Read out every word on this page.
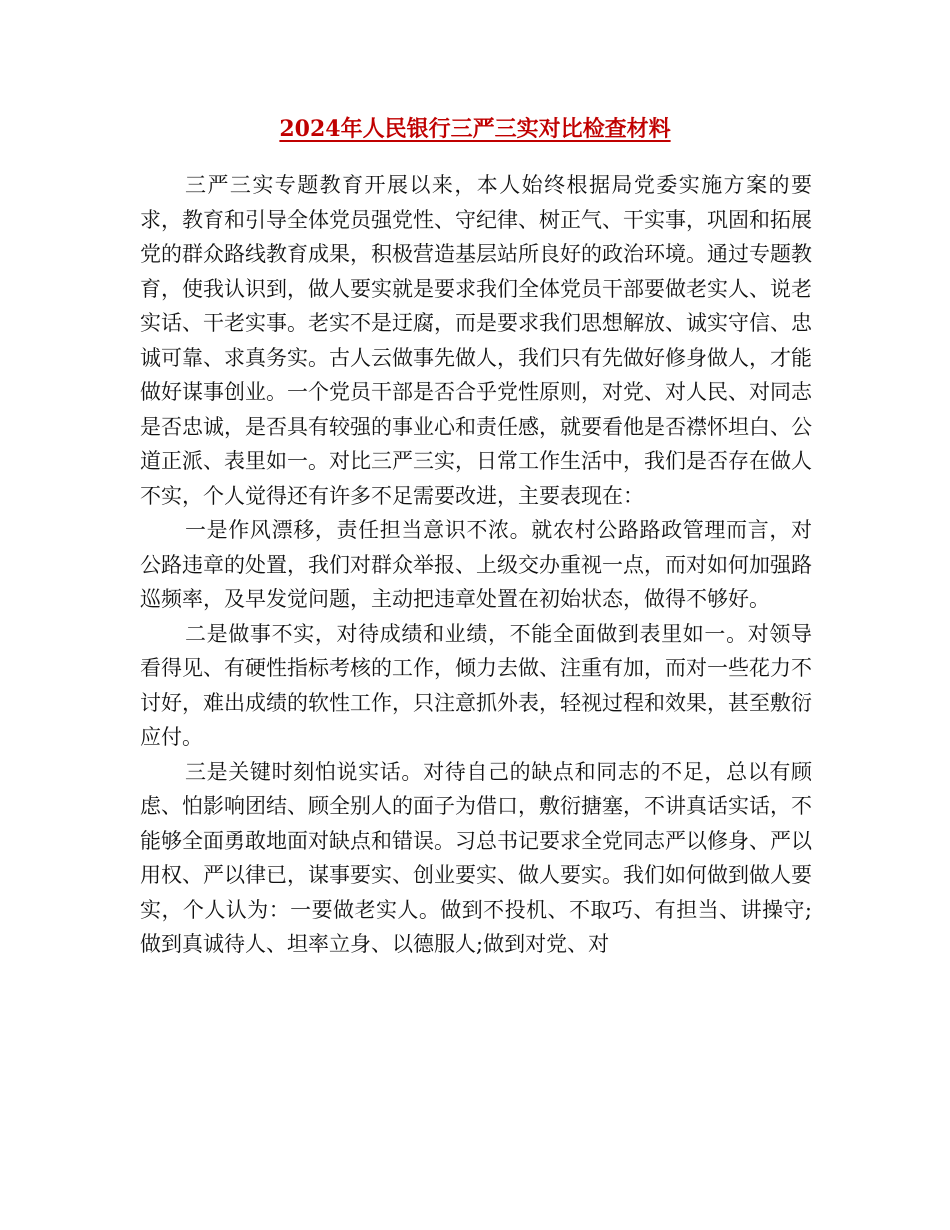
2024年人民银行三严三实对比检查材料

三严三实专题教育开展以来，本人始终根据局党委实施方案的要求，教育和引导全体党员强党性、守纪律、树正气、干实事，巩固和拓展党的群众路线教育成果，积极营造基层站所良好的政治环境。通过专题教育，使我认识到，做人要实就是要求我们全体党员干部要做老实人、说老实话、干老实事。老实不是迂腐，而是要求我们思想解放、诚实守信、忠诚可靠、求真务实。古人云做事先做人，我们只有先做好修身做人，才能做好谋事创业。一个党员干部是否合乎党性原则，对党、对人民、对同志是否忠诚，是否具有较强的事业心和责任感，就要看他是否襟怀坦白、公道正派、表里如一。对比三严三实，日常工作生活中，我们是否存在做人不实，个人觉得还有许多不足需要改进，主要表现在：

一是作风漂移，责任担当意识不浓。就农村公路路政管理而言，对公路违章的处置，我们对群众举报、上级交办重视一点，而对如何加强路巡频率，及早发觉问题，主动把违章处置在初始状态，做得不够好。

二是做事不实，对待成绩和业绩，不能全面做到表里如一。对领导看得见、有硬性指标考核的工作，倾力去做、注重有加，而对一些花力不讨好，难出成绩的软性工作，只注意抓外表，轻视过程和效果，甚至敷衍应付。

三是关键时刻怕说实话。对待自己的缺点和同志的不足，总以有顾虑、怕影响团结、顾全别人的面子为借口，敷衍搪塞，不讲真话实话，不能够全面勇敢地面对缺点和错误。习总书记要求全党同志严以修身、严以用权、严以律已，谋事要实、创业要实、做人要实。我们如何做到做人要实，个人认为：一要做老实人。做到不投机、不取巧、有担当、讲操守;做到真诚待人、坦率立身、以德服人;做到对党、对
